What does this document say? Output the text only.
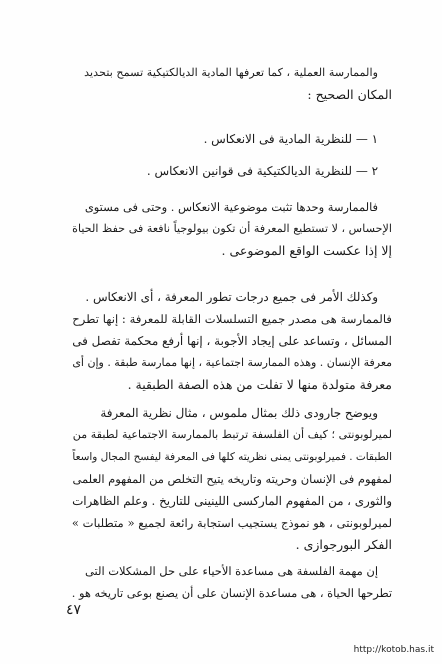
والممارسة العملية ، كما تعرفها المادية الديالكتيكية تسمح بتحديد
المكان الصحيح :
١ — للنظرية المادية فى الانعكاس .
٢ — للنظرية الديالكتيكية فى قوانين الانعكاس .
فالممارسة وحدها تثبت موضوعية الانعكاس . وحتى فى مستوى
الإحساس ، لا تستطيع المعرفة أن تكون بيولوجياً نافعة فى حفظ الحياة
إلا إذا عكست الواقع الموضوعى .
وكذلك الأمر فى جميع درجات تطور المعرفة ، أى الانعكاس .
فالممارسة هى مصدر جميع التسلسلات القابلة للمعرفة : إنها تطرح
المسائل ، وتساعد على إيجاد الأجوبة ، إنها أرفع محكمة تفصل فى
معرفة الإنسان . وهذه الممارسة اجتماعية ، إنها ممارسة طبقة . وإن أى
معرفة متولدة منها لا تفلت من هذه الصفة الطبقية .
ويوضح جارودى ذلك بمثال ملموس ، مثال نظرية المعرفة
لميرلوبونتى ؛ كيف أن الفلسفة ترتبط بالممارسة الاجتماعية لطبقة من
الطبقات . فميرلوبونتى يمنى نظريته كلها فى المعرفة ليفسح المجال واسعاً
لمفهوم فى الإنسان وحريته وتاريخه يتيح التخلص من المفهوم العلمى
والثورى ، من المفهوم الماركسى اللينينى للتاريخ . وعلم الظاهرات
لميرلوبونتى ، هو نموذج يستجيب استجابة رائعة لجميع « متطلبات »
الفكر البورجوازى .
إن مهمة الفلسفة هى مساعدة الأحياء على حل المشكلات التى
تطرحها الحياة ، هى مساعدة الإنسان على أن يصنع بوعى تاريخه هو .
٤٧
http://kotob.has.it
